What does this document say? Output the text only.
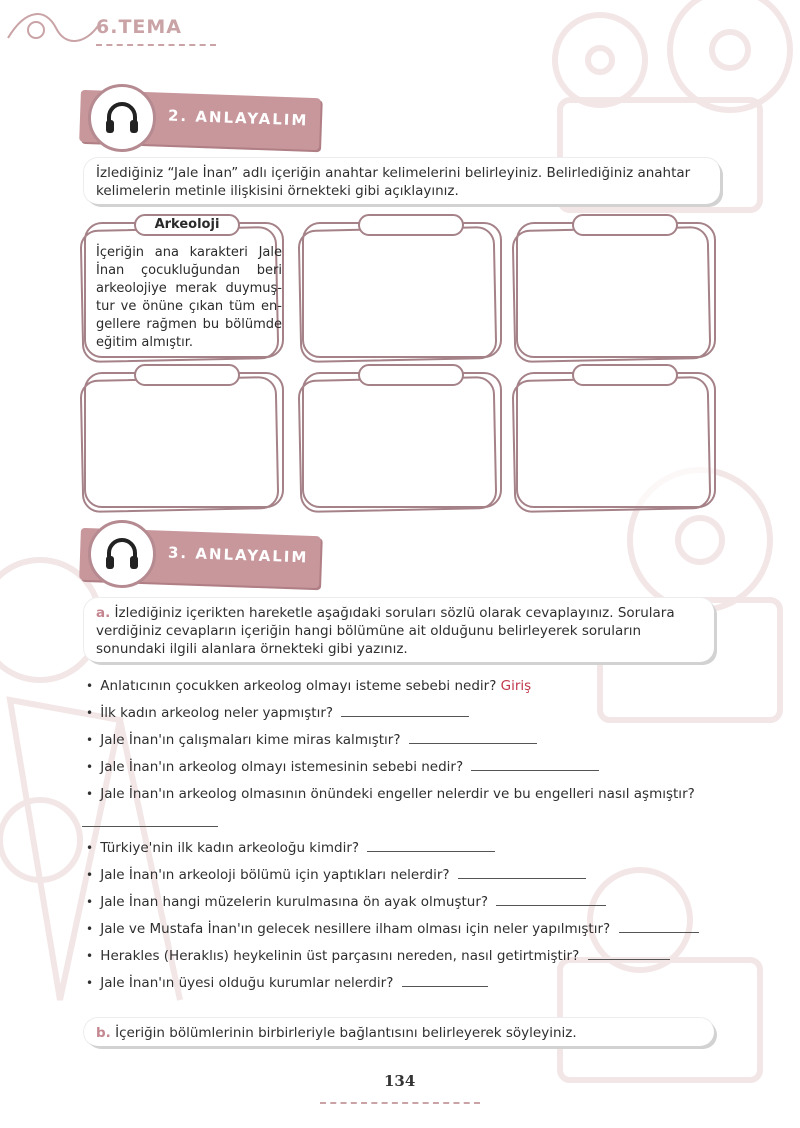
6.TEMA
2. ANLAYALIM
İzlediğiniz “Jale İnan” adlı içeriğin anahtar kelimelerini belirleyiniz. Belirlediğiniz anahtar kelimelerin metinle ilişkisini örnekteki gibi açıklayınız.
İçeriğin ana karakteri Jale İnan çocukluğundan beri arkeolojiye merak duymuş-tur ve önüne çıkan tüm en-gellere rağmen bu bölümde eğitim almıştır.
Arkeoloji
3. ANLAYALIM
a. İzlediğiniz içerikten hareketle aşağıdaki soruları sözlü olarak cevaplayınız. Sorulara verdiğiniz cevapların içeriğin hangi bölümüne ait olduğunu belirleyerek soruların sonundaki ilgili alanlara örnekteki gibi yazınız.
• Anlatıcının çocukken arkeolog olmayı isteme sebebi nedir? Giriş
• İlk kadın arkeolog neler yapmıştır?
• Jale İnan'ın çalışmaları kime miras kalmıştır?
• Jale İnan'ın arkeolog olmayı istemesinin sebebi nedir?
• Jale İnan'ın arkeolog olmasının önündeki engeller nelerdir ve bu engelleri nasıl aşmıştır?
• Türkiye'nin ilk kadın arkeoloğu kimdir?
• Jale İnan'ın arkeoloji bölümü için yaptıkları nelerdir?
• Jale İnan hangi müzelerin kurulmasına ön ayak olmuştur?
• Jale ve Mustafa İnan'ın gelecek nesillere ilham olması için neler yapılmıştır?
• Herakles (Heraklıs) heykelinin üst parçasını nereden, nasıl getirtmiştir?
• Jale İnan'ın üyesi olduğu kurumlar nelerdir?
b. İçeriğin bölümlerinin birbirleriyle bağlantısını belirleyerek söyleyiniz.
134
